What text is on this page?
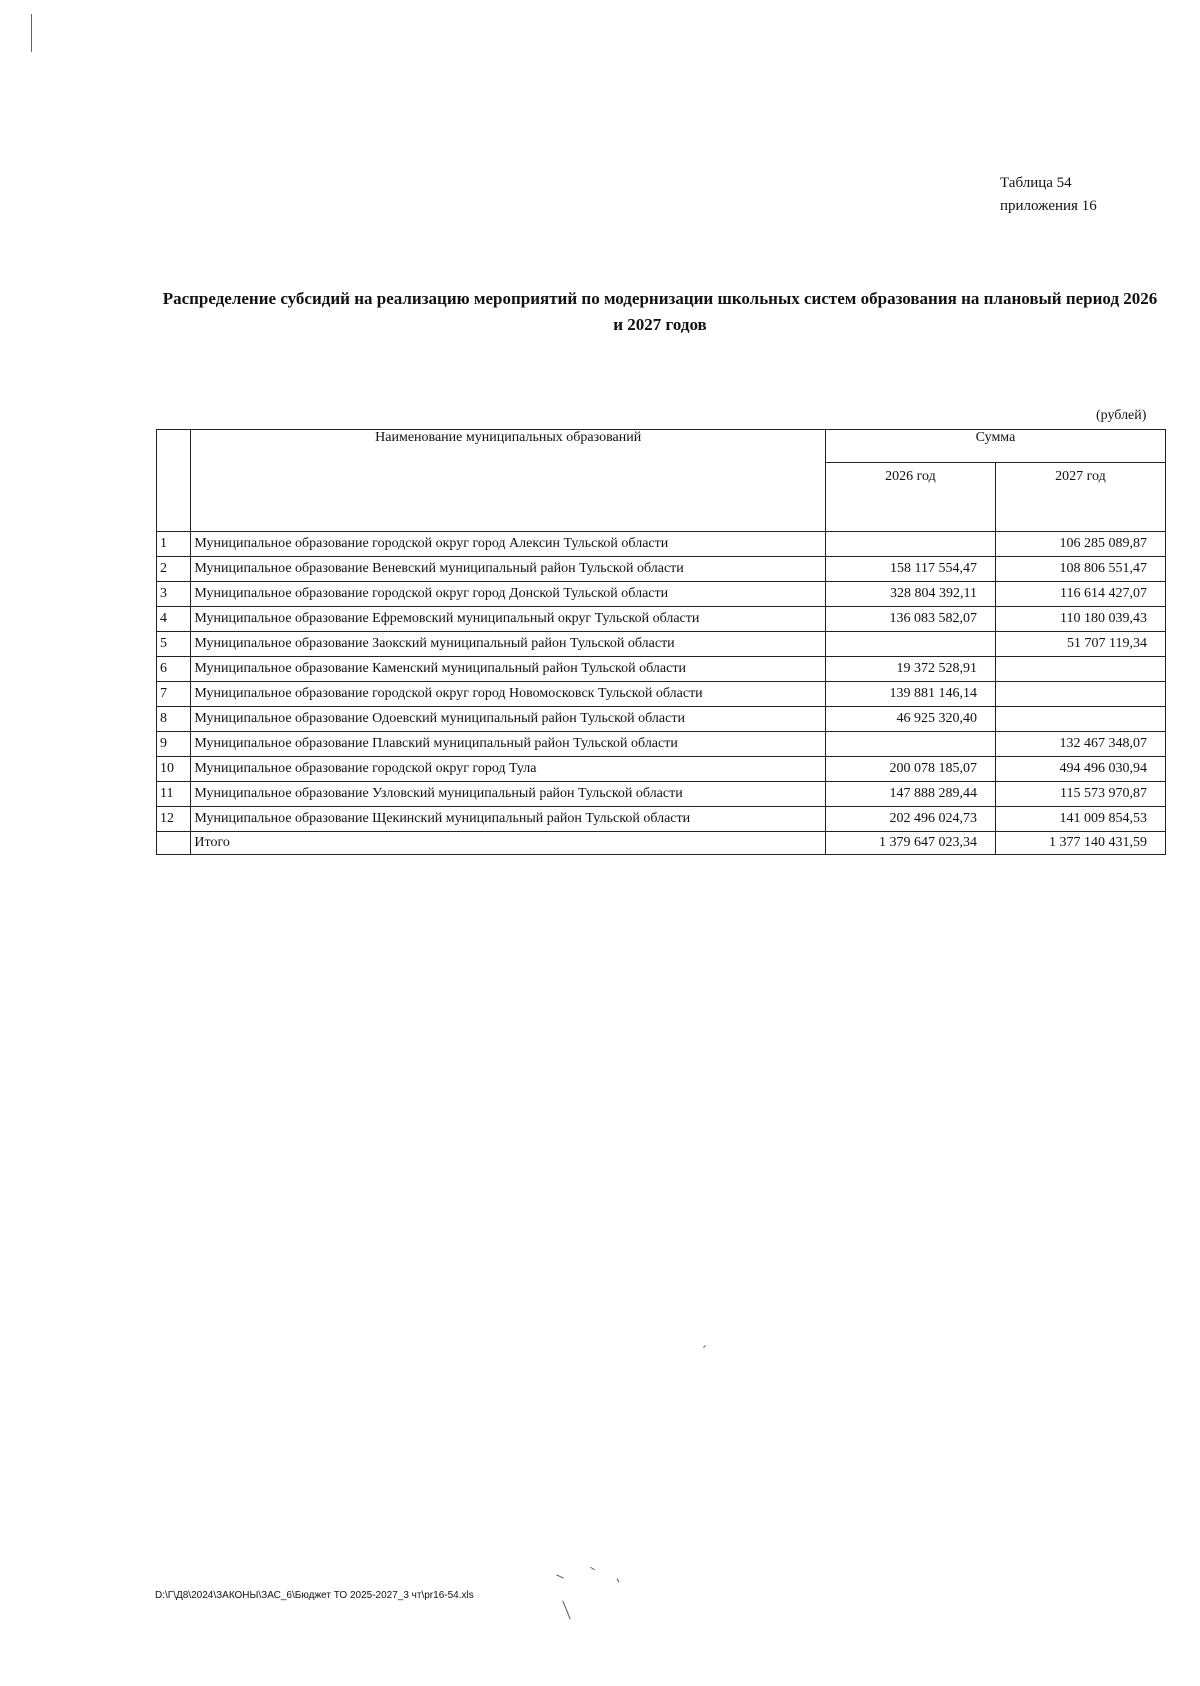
Таблица 54
приложения 16
Распределение субсидий на реализацию мероприятий по модернизации школьных систем образования на плановый период 2026 и 2027 годов
(рублей)
	Наименование муниципальных образований	Сумма	
		2026 год	2027 год
1	Муниципальное образование городской округ город Алексин Тульской области		106 285 089,87
2	Муниципальное образование Веневский муниципальный район Тульской области	158 117 554,47	108 806 551,47
3	Муниципальное образование городской округ город Донской Тульской области	328 804 392,11	116 614 427,07
4	Муниципальное образование Ефремовский муниципальный округ Тульской области	136 083 582,07	110 180 039,43
5	Муниципальное образование Заокский муниципальный район Тульской области		51 707 119,34
6	Муниципальное образование Каменский муниципальный район Тульской области	19 372 528,91	
7	Муниципальное образование городской округ город Новомосковск Тульской области	139 881 146,14	
8	Муниципальное образование Одоевский муниципальный район Тульской области	46 925 320,40	
9	Муниципальное образование Плавский муниципальный район Тульской области		132 467 348,07
10	Муниципальное образование городской округ город Тула	200 078 185,07	494 496 030,94
11	Муниципальное образование Узловский муниципальный район Тульской области	147 888 289,44	115 573 970,87
12	Муниципальное образование Щекинский муниципальный район Тульской области	202 496 024,73	141 009 854,53
	Итого	1 379 647 023,34	1 377 140 431,59
D:\Г\Д8\2024\ЗАКОНЫ\ЗАС_6\Бюджет ТО 2025-2027_3 чт\pr16-54.xls
